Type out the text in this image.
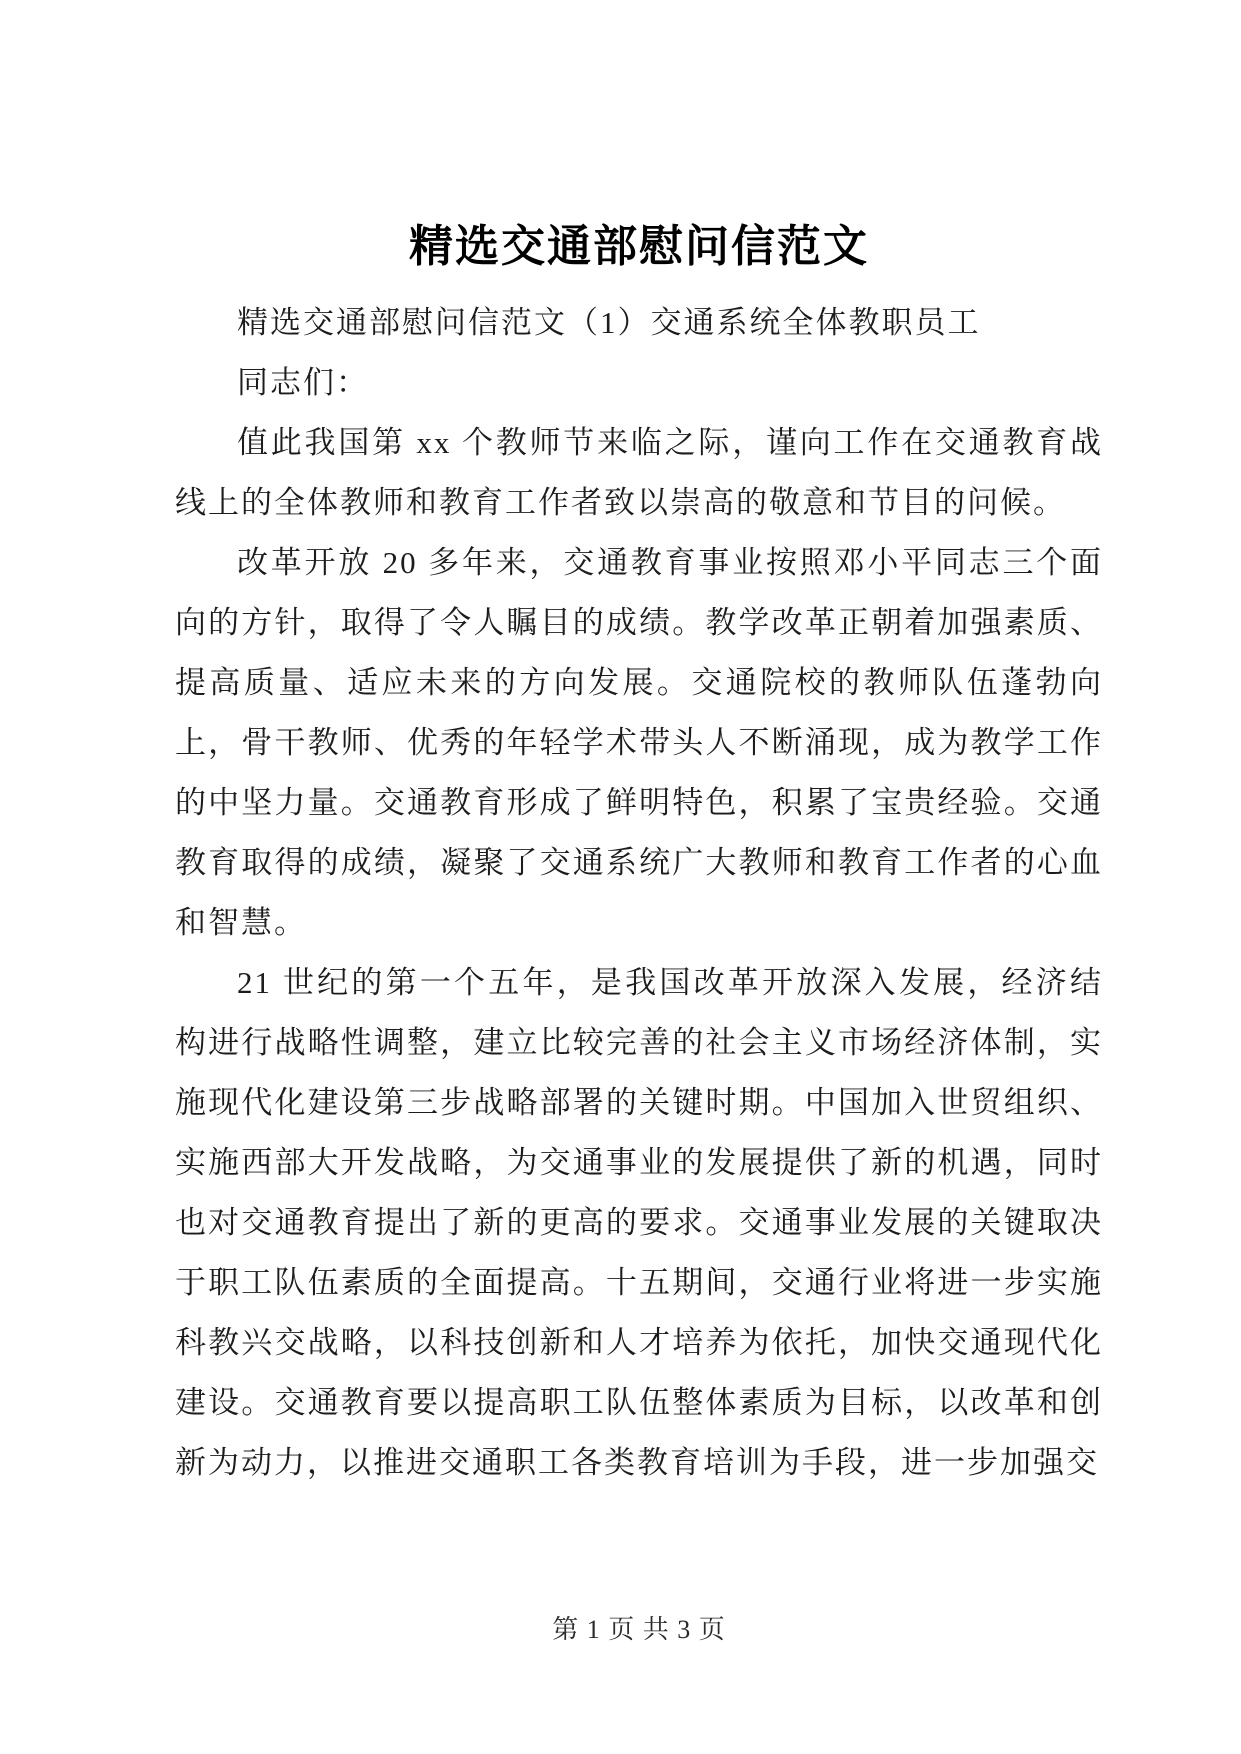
精选交通部慰问信范文

精选交通部慰问信范文（1）交通系统全体教职员工

同志们：

值此我国第 xx 个教师节来临之际，谨向工作在交通教育战线上的全体教师和教育工作者致以崇高的敬意和节目的问候。

改革开放 20 多年来，交通教育事业按照邓小平同志三个面向的方针，取得了令人瞩目的成绩。教学改革正朝着加强素质、提高质量、适应未来的方向发展。交通院校的教师队伍蓬勃向上，骨干教师、优秀的年轻学术带头人不断涌现，成为教学工作的中坚力量。交通教育形成了鲜明特色，积累了宝贵经验。交通教育取得的成绩，凝聚了交通系统广大教师和教育工作者的心血和智慧。

21 世纪的第一个五年，是我国改革开放深入发展，经济结构进行战略性调整，建立比较完善的社会主义市场经济体制，实施现代化建设第三步战略部署的关键时期。中国加入世贸组织、实施西部大开发战略，为交通事业的发展提供了新的机遇，同时也对交通教育提出了新的更高的要求。交通事业发展的关键取决于职工队伍素质的全面提高。十五期间，交通行业将进一步实施科教兴交战略，以科技创新和人才培养为依托，加快交通现代化建设。交通教育要以提高职工队伍整体素质为目标，以改革和创新为动力，以推进交通职工各类教育培训为手段，进一步加强交

第 1 页 共 3 页
